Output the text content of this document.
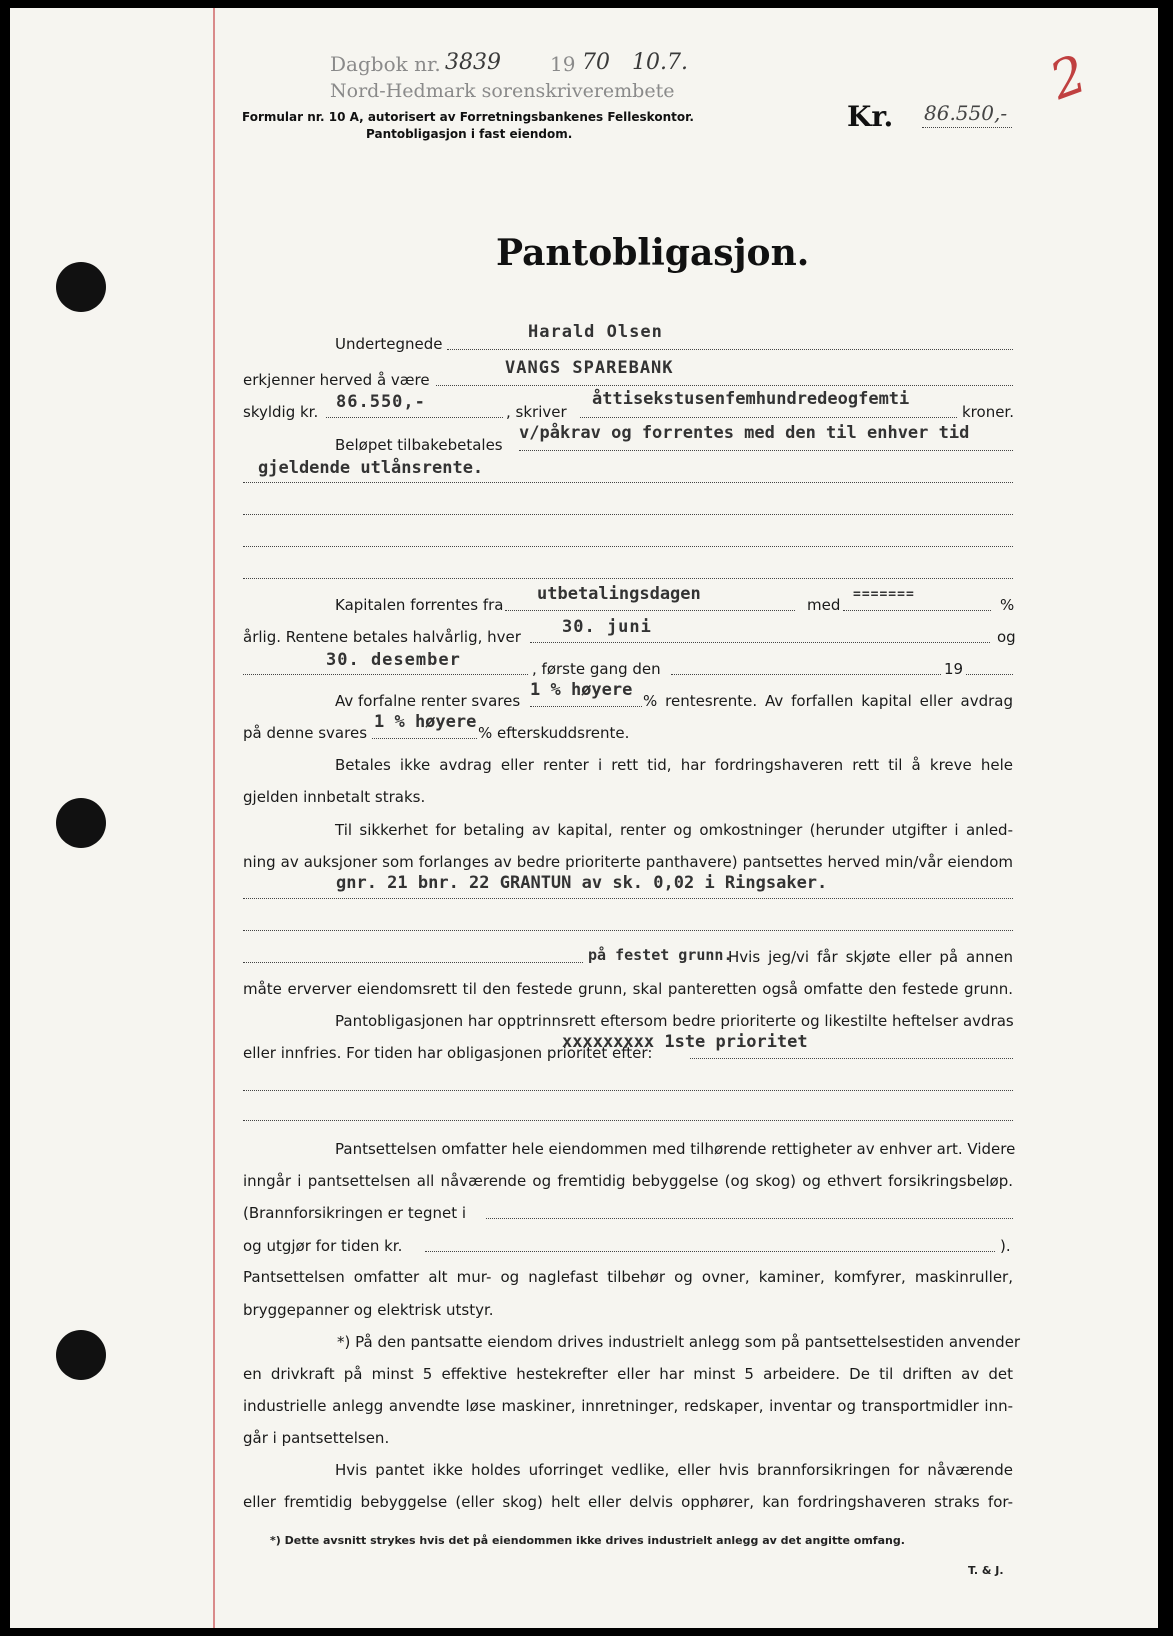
Dagbok nr. 3839 19 70 10.7.
Nord-Hedmark sorenskriverembete
Formular nr. 10 A, autorisert av Forretningsbankenes Felleskontor.
Pantobligasjon i fast eiendom.
Kr. 86.550,-
2
Pantobligasjon.
Undertegnede
Harald Olsen
erkjenner herved å være
VANGS SPAREBANK
skyldig kr. 86.550,-	, skriver
åttisekstusenfemhundredeogfemti
kroner.
Beløpet tilbakebetales
v/påkrav og forrentes med den til enhver tid
gjeldende utlånsrente.
Kapitalen forrentes fra
utbetalingsdagen
med
=======
%
årlig. Rentene betales halvårlig, hver 30. juni	og
30. desember	, første gang den	19
Av forfalne renter svares
1 % høyere
% rentesrente. Av forfallen kapital eller avdrag
på denne svares
1 % høyere
% efterskuddsrente.
Betales ikke avdrag eller renter i rett tid, har fordringshaveren rett til å kreve hele
gjelden innbetalt straks.
Til sikkerhet for betaling av kapital, renter og omkostninger (herunder utgifter i anled-
ning av auksjoner som forlanges av bedre prioriterte panthavere) pantsettes herved min/vår eiendom
gnr. 21 bnr. 22 GRANTUN av sk. 0,02 i Ringsaker.
på festet grunn.
Hvis jeg/vi får skjøte eller på annen
måte erverver eiendomsrett til den festede grunn, skal panteretten også omfatte den festede grunn.
Pantobligasjonen har opptrinnsrett eftersom bedre prioriterte og likestilte heftelser avdras
eller innfries. For tiden har obligasjonen prioritet efter:
xxxxxxxxx 1ste prioritet
Pantsettelsen omfatter hele eiendommen med tilhørende rettigheter av enhver art. Videre
inngår i pantsettelsen all nåværende og fremtidig bebyggelse (og skog) og ethvert forsikringsbeløp.
(Brannforsikringen er tegnet i
og utgjør for tiden kr.	).
Pantsettelsen omfatter alt mur- og naglefast tilbehør og ovner, kaminer, komfyrer, maskinruller,
bryggepanner og elektrisk utstyr.
*) På den pantsatte eiendom drives industrielt anlegg som på pantsettelsestiden anvender
en drivkraft på minst 5 effektive hestekrefter eller har minst 5 arbeidere. De til driften av det
industrielle anlegg anvendte løse maskiner, innretninger, redskaper, inventar og transportmidler inn-
går i pantsettelsen.
Hvis pantet ikke holdes uforringet vedlike, eller hvis brannforsikringen for nåværende
eller fremtidig bebyggelse (eller skog) helt eller delvis opphører, kan fordringshaveren straks for-
*) Dette avsnitt strykes hvis det på eiendommen ikke drives industrielt anlegg av det angitte omfang.
T. & J.
